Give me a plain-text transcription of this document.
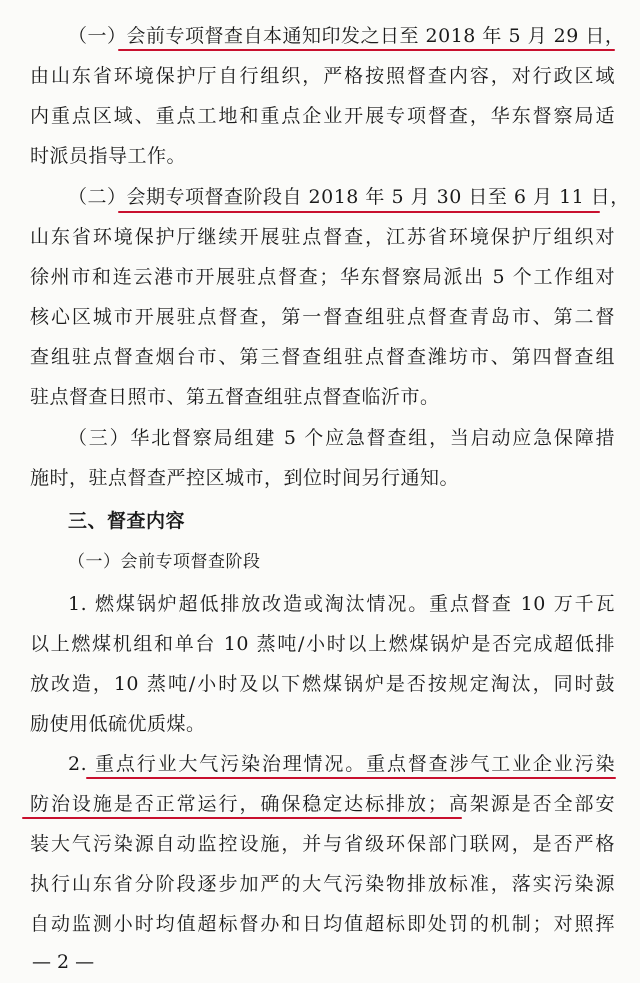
（一）会前专项督查自本通知印发之日至 2018 年 5 月 29 日，
由山东省环境保护厅自行组织，严格按照督查内容，对行政区域
内重点区域、重点工地和重点企业开展专项督查，华东督察局适
时派员指导工作。
（二）会期专项督查阶段自 2018 年 5 月 30 日至 6 月 11 日，
山东省环境保护厅继续开展驻点督查，江苏省环境保护厅组织对
徐州市和连云港市开展驻点督查；华东督察局派出 5 个工作组对
核心区城市开展驻点督查，第一督查组驻点督查青岛市、第二督
查组驻点督查烟台市、第三督查组驻点督查潍坊市、第四督查组
驻点督查日照市、第五督查组驻点督查临沂市。
（三）华北督察局组建 5 个应急督查组，当启动应急保障措
施时，驻点督查严控区城市，到位时间另行通知。
三、督查内容
（一）会前专项督查阶段
1. 燃煤锅炉超低排放改造或淘汰情况。重点督查 10 万千瓦
以上燃煤机组和单台 10 蒸吨/小时以上燃煤锅炉是否完成超低排
放改造，10 蒸吨/小时及以下燃煤锅炉是否按规定淘汰，同时鼓
励使用低硫优质煤。
2. 重点行业大气污染治理情况。重点督查涉气工业企业污染
防治设施是否正常运行，确保稳定达标排放；高架源是否全部安
装大气污染源自动监控设施，并与省级环保部门联网，是否严格
执行山东省分阶段逐步加严的大气污染物排放标准，落实污染源
自动监测小时均值超标督办和日均值超标即处罚的机制；对照挥
— 2 —
